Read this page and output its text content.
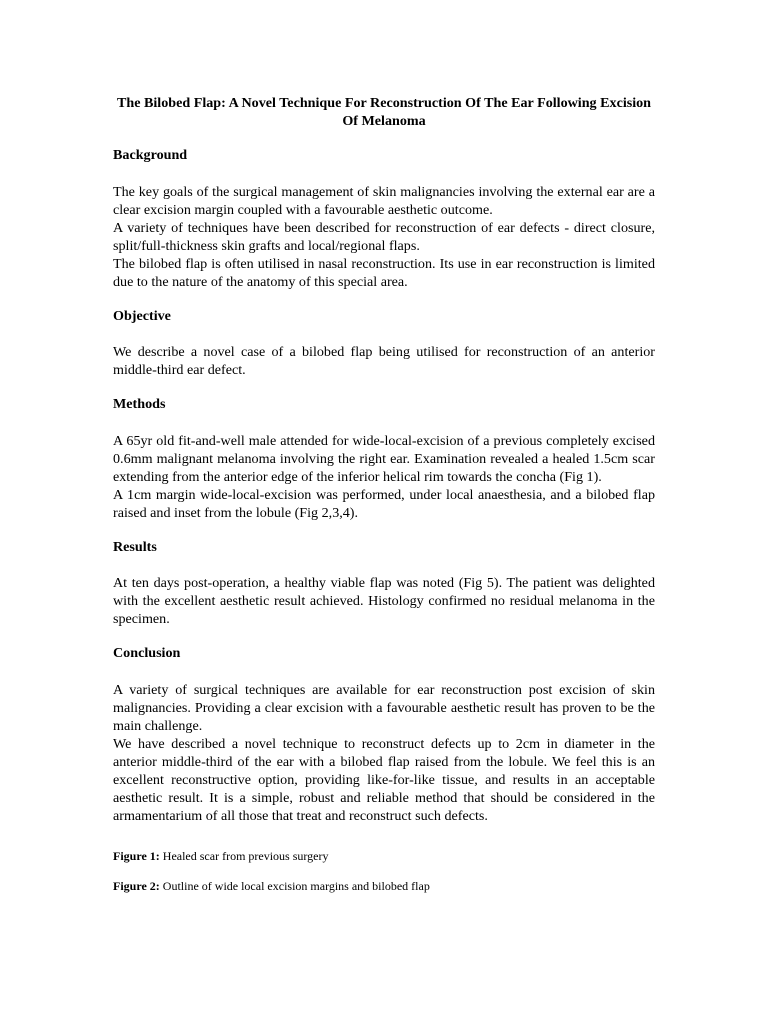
The Bilobed Flap: A Novel Technique For Reconstruction Of The Ear Following Excision Of Melanoma
Background

The key goals of the surgical management of skin malignancies involving the external ear are a clear excision margin coupled with a favourable aesthetic outcome.

A variety of techniques have been described for reconstruction of ear defects - direct closure, split/full-thickness skin grafts and local/regional flaps.

The bilobed flap is often utilised in nasal reconstruction. Its use in ear reconstruction is limited due to the nature of the anatomy of this special area.

Objective

We describe a novel case of a bilobed flap being utilised for reconstruction of an anterior middle-third ear defect.

Methods

A 65yr old fit-and-well male attended for wide-local-excision of a previous completely excised 0.6mm malignant melanoma involving the right ear. Examination revealed a healed 1.5cm scar extending from the anterior edge of the inferior helical rim towards the concha (Fig 1).

A 1cm margin wide-local-excision was performed, under local anaesthesia, and a bilobed flap raised and inset from the lobule (Fig 2,3,4).

Results

At ten days post-operation, a healthy viable flap was noted (Fig 5). The patient was delighted with the excellent aesthetic result achieved. Histology confirmed no residual melanoma in the specimen.

Conclusion

A variety of surgical techniques are available for ear reconstruction post excision of skin malignancies. Providing a clear excision with a favourable aesthetic result has proven to be the main challenge.

We have described a novel technique to reconstruct defects up to 2cm in diameter in the anterior middle-third of the ear with a bilobed flap raised from the lobule. We feel this is an excellent reconstructive option, providing like-for-like tissue, and results in an acceptable aesthetic result. It is a simple, robust and reliable method that should be considered in the armamentarium of all those that treat and reconstruct such defects.

Figure 1: Healed scar from previous surgery

Figure 2: Outline of wide local excision margins and bilobed flap
